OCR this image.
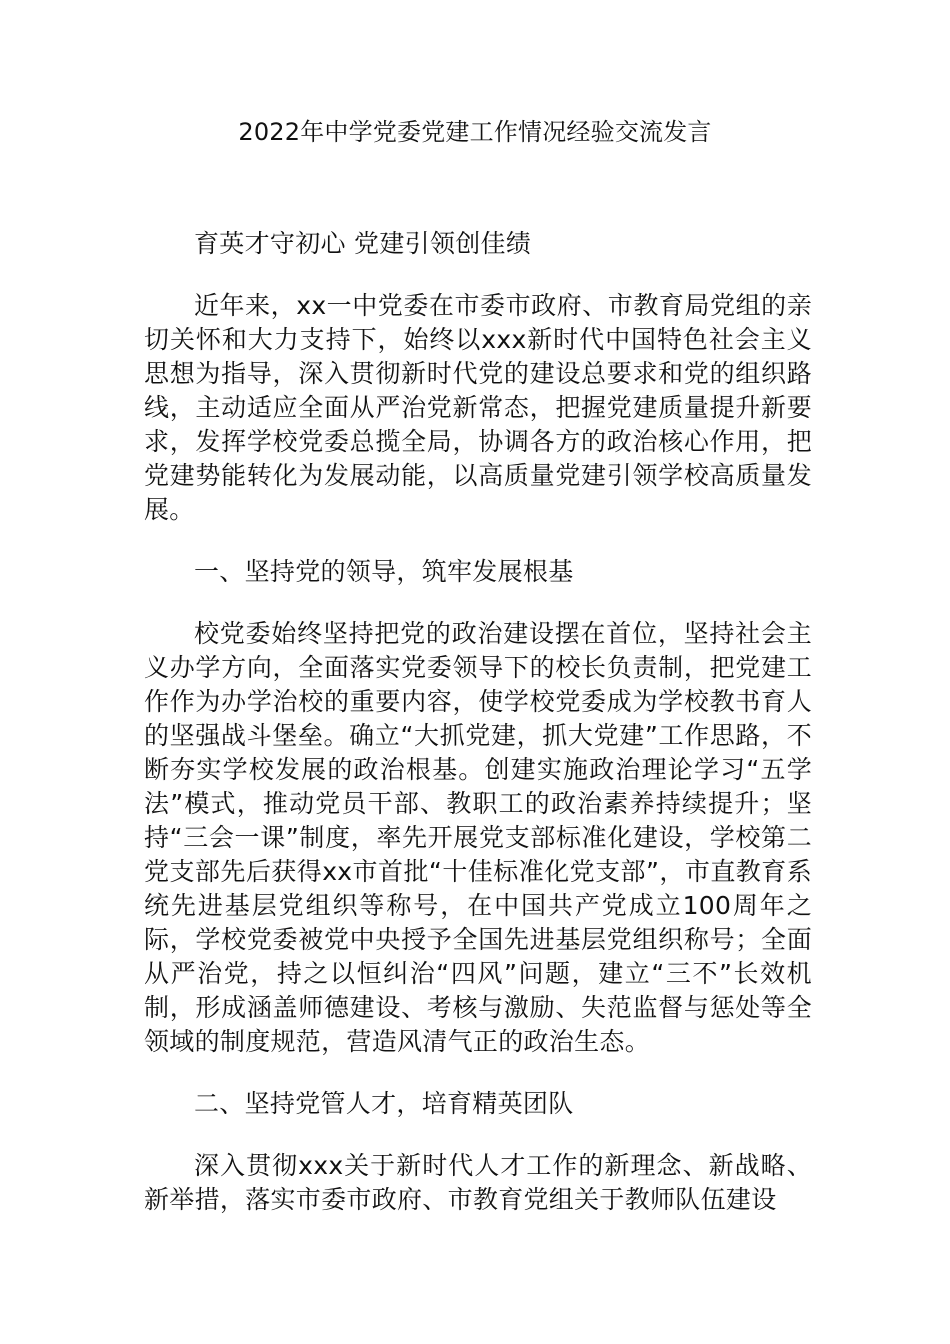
2022年中学党委党建工作情况经验交流发言

育英才守初心 党建引领创佳绩

近年来，xx一中党委在市委市政府、市教育局党组的亲切关怀和大力支持下，始终以xxx新时代中国特色社会主义思想为指导，深入贯彻新时代党的建设总要求和党的组织路线，主动适应全面从严治党新常态，把握党建质量提升新要求，发挥学校党委总揽全局，协调各方的政治核心作用，把党建势能转化为发展动能，以高质量党建引领学校高质量发展。

一、坚持党的领导，筑牢发展根基

校党委始终坚持把党的政治建设摆在首位，坚持社会主义办学方向，全面落实党委领导下的校长负责制，把党建工作作为办学治校的重要内容，使学校党委成为学校教书育人的坚强战斗堡垒。确立“大抓党建，抓大党建”工作思路，不断夯实学校发展的政治根基。创建实施政治理论学习“五学法”模式，推动党员干部、教职工的政治素养持续提升；坚持“三会一课”制度，率先开展党支部标准化建设，学校第二党支部先后获得xx市首批“十佳标准化党支部”，市直教育系统先进基层党组织等称号，在中国共产党成立100周年之际，学校党委被党中央授予全国先进基层党组织称号；全面从严治党，持之以恒纠治“四风”问题，建立“三不”长效机制，形成涵盖师德建设、考核与激励、失范监督与惩处等全领域的制度规范，营造风清气正的政治生态。

二、坚持党管人才，培育精英团队

深入贯彻xxx关于新时代人才工作的新理念、新战略、新举措，落实市委市政府、市教育党组关于教师队伍建设
